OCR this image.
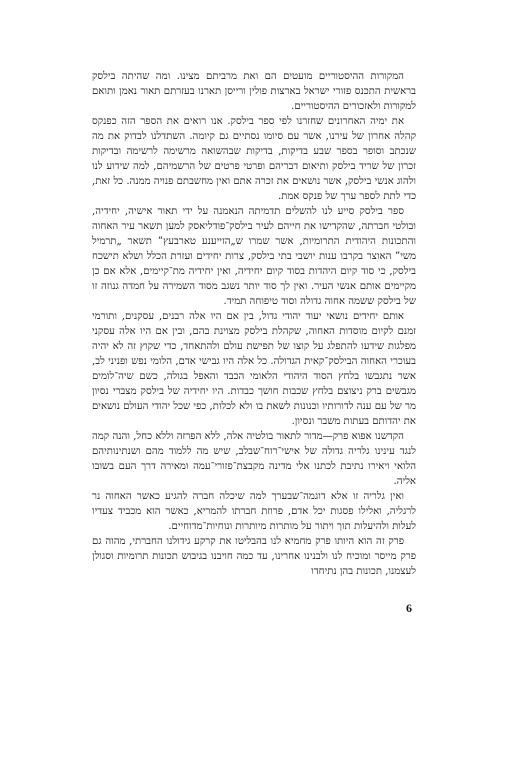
המקורות ההיסטוריים מועטים הם ואת מרביתם מצינו. ומה שהיתה בילסק בראשית התכנס פזורי ישראל בארצות פולין ורייסן תארנו בעזרתם תאור נאמן ותואם למקורות ולאזכורים ההיסטוריים.

את ימיה האחרונים שחזרנו לפי ספר בילסק. אנו רואים את הספר הזה כפנקס קהלה אחרון של עירנו, אשר עם סיומו נסתיים גם קיומה. השתדלנו לבדוק את מה שנכתב וסופר בספר שבע בדיקות, בדיקות שבהשואה מרשימה לרשימה ובדיקות זכרון של שריד בילסק ותיאום דבריהם ופרטי פרטים של הרשמיהם, למה שידוע לנו ולהוג אנשי בילסק, אשר נושאים את זכרה אתם ואין מחשבתם פנויה ממנה. כל זאת, כדי לתת לספר ערך של פנקס אמת.

ספר בילסק סייע לנו להשלים תדמיתה הנאמנה על ידי תאור אישיה, יחידיה, ובולטי חברתה, שהקדישו את חייהם לעיר בילסק־פודליאסק למען תשאר עיר האחוה והתכונות היהודית התרומיות, אשר שמרו ש„הזייענע טארבעץ” תשאר „תרמיל משי” האוצר בקרבו ענות יושבי בתי בילסק, צרות יחידים ועזרת הכלל ושלא תישכח בילסק, כי סוד קיום היהדות בסוד קיום יחידיה, ואין יחידיה מת־קיימים, אלא אם כן מקיימים אותם אנשי העיר. ואין לך סוד יותר נשגב מסוד השמירה על חמדה גנוזה זו של בילסק ששמה אחוה גדולה וסוד טיפוחה תמיד.

אותם יחידים נושאי יעוד יהודי גדול, בין אם היו אלה רבנים, עסקנים, ותורמי זמנם לקיום מוסדות האחוה, שקהלת בילסק מצוינת בהם, ובין אם היו אלה עסקני מפלגות שידעו להתפלג על קוצו של תפישת עולם ולהתאחד, כדי שקוץ זה לא יהיה בעוכרי האחוה הבילסק־קאית הגדולה. כל אלה היו גבישי אדם, הלומי נפש ופניני לב, אשר נתגבשו בלחץ הסוד היהודי הלאומי הכבד והאפל בגולה, כשם שיה־לומים מגבשים ברק ניצוצם בלחץ שכבות חושך כבדות. היו יחידיה של בילסק מצברי נסיון מר של עם ענה לדורותיו וכנונות לשאת בו ולא לכלות, כפי שכל יהודי העולם נושאים את יהדותם בעתות משבר ונסיון.

הקדשנו אפוא פרק—מדור לתאור בולטיה אלה, ללא הפרזה וללא כחל, והנה קמה לנגד עינינו גלריה גדולה של אישי־רוח־שבלב, שיש מה ללמוד מהם ושנתינותיהם הלואי ויאירו נתיבת לכתנו אלי מדינה מקבצת־פזורי־עמה ומאירה דרך העם בשובו אליה.

ואין גלריה זו אלא דוגמה־שבערך למה שיכלה חברה להגיע כאשר האחוה נר לרגליה, ואלילו פסגות יכל אדם, פרוזת חברתו להמריא, כאשר הוא מכביד צעדיו לעלות ולהיעלות תוך ויתור על מותרות מיותרות ונוחיות־מדוחיים.

פרק זה הוא היותו פרק מחמיא לנו בהבליטו את קרקע גידולנו החברתי, מהוה גם פרק מייסר ומוכיח לנו ולבנינו אחרינו, עד כמה חויבנו בגיבוש תכונות תרומיות וסגולן לעצמנו, תכונות בהן נתיחדו

6
